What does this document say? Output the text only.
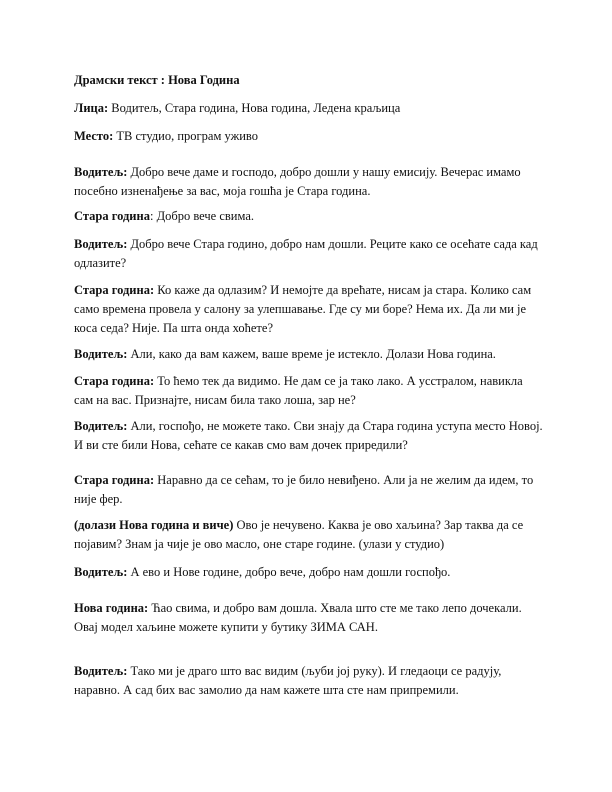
Драмски текст : Нова Година

Лица: Водитељ, Стара година, Нова година, Ледена краљица

Место: ТВ студио, програм уживо

Водитељ: Добро вече даме и господо, добро дошли у нашу емисију. Вечерас имамо посебно изненађење за вас, моја гошћа је Стара година.

Стара година: Добро вече свима.

Водитељ: Добро вече Стара годино, добро нам дошли. Реците како се осећате сада кад одлазите?

Стара година: Ко каже да одлазим? И немојте да врећате, нисам ја стара. Колико сам само времена провела у салону за улепшавање. Где су ми боре? Нема их. Да ли ми је коса седа? Није. Па шта онда хоћете?

Водитељ: Али, како да вам кажем, ваше време је истекло. Долази Нова година.

Стара година: То ћемо тек да видимо. Не дам се ја тако лако. А усстралом, навикла сам на вас. Признајте, нисам била тако лоша, зар не?

Водитељ: Али, госпођо, не можете тако. Сви знају да Стара година уступа место Новој. И ви сте били Нова, сећате се какав смо вам дочек приредили?

Стара година: Наравно да се сећам, то је било невиђено. Али ја не желим да идем, то није фер.

(долази Нова година и виче) Ово је нечувено. Каква је ово хаљина? Зар таква да се појавим? Знам ја чије је ово масло, оне старе године. (улази у студио)

Водитељ: А ево и Нове године, добро вече, добро нам дошли госпођо.

Нова година: Ћао свима, и добро вам дошла. Хвала што сте ме тако лепо дочекали. Овај модел хаљине можете купити у бутику ЗИМА САН.

Водитељ: Тако ми је драго што вас видим (љуби јој руку). И гледаоци се радују, наравно. А сад бих вас замолио да нам кажете шта сте нам припремили.
